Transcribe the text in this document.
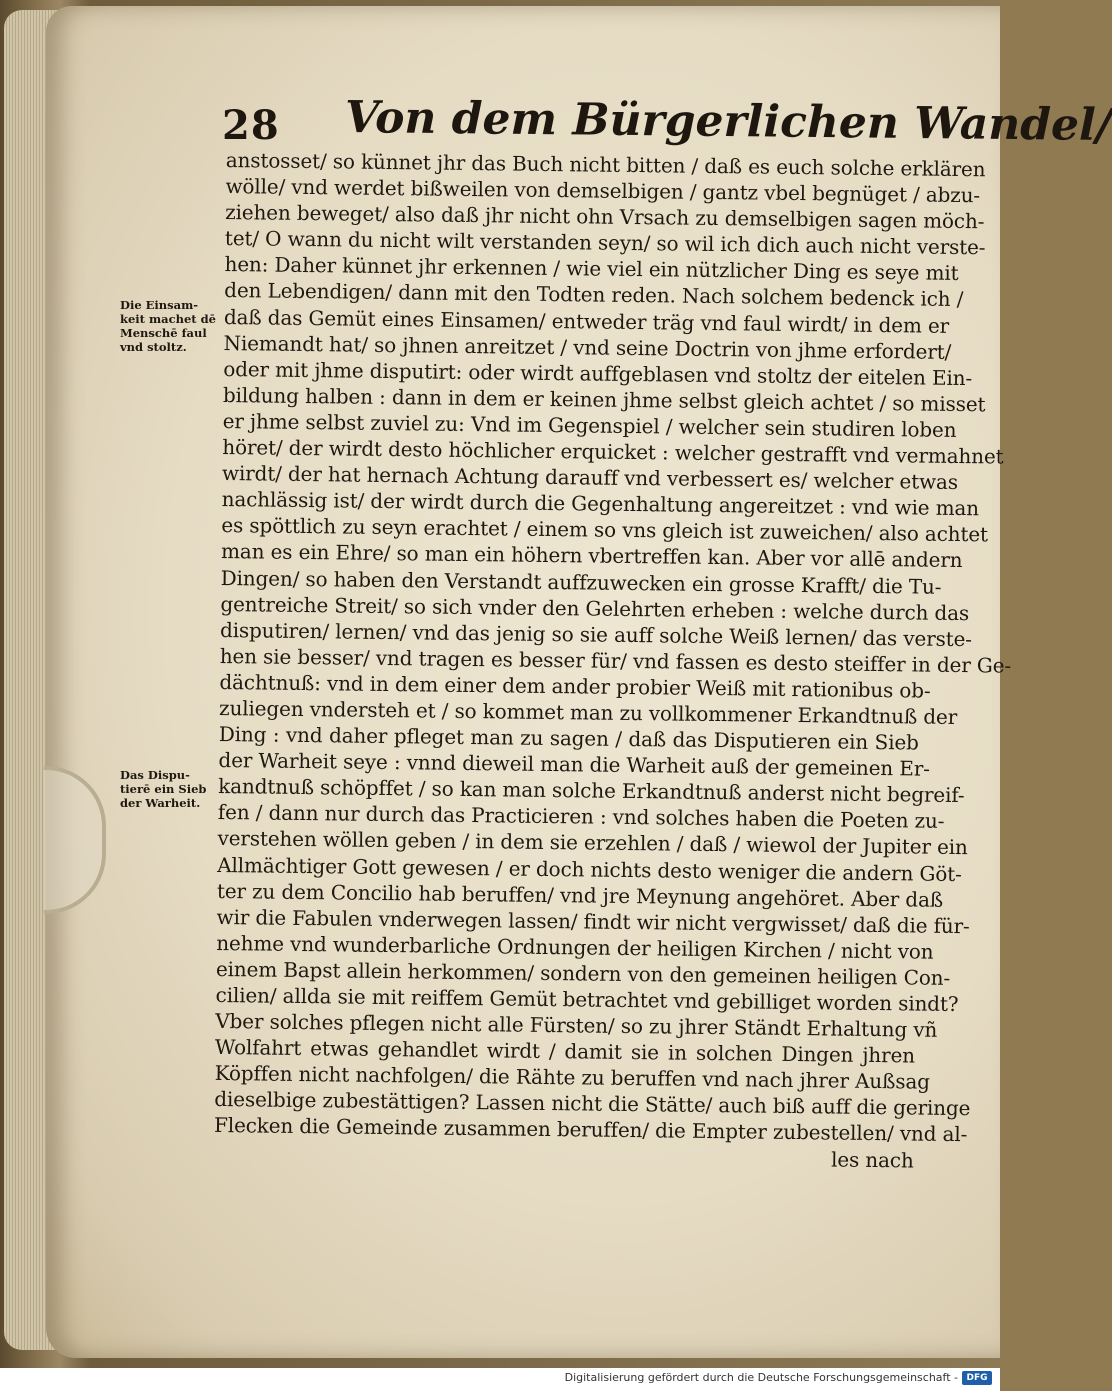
28 Von dem Bürgerlichen Wandel/
Die Einsam-
keit machet dē
Menschē faul
vnd stoltz.
Das Dispu-
tierē ein Sieb
der Warheit.
anstosset/ so künnet jhr das Buch nicht bitten / daß es euch solche erklären
wölle/ vnd werdet bißweilen von demselbigen / gantz vbel begnüget / abzu-
ziehen beweget/ also daß jhr nicht ohn Vrsach zu demselbigen sagen möch-
tet/ O wann du nicht wilt verstanden seyn/ so wil ich dich auch nicht verste-
hen: Daher künnet jhr erkennen / wie viel ein nützlicher Ding es seye mit
den Lebendigen/ dann mit den Todten reden. Nach solchem bedenck ich /
daß das Gemüt eines Einsamen/ entweder träg vnd faul wirdt/ in dem er
Niemandt hat/ so jhnen anreitzet / vnd seine Doctrin von jhme erfordert/
oder mit jhme disputirt: oder wirdt auffgeblasen vnd stoltz der eitelen Ein-
bildung halben : dann in dem er keinen jhme selbst gleich achtet / so misset
er jhme selbst zuviel zu: Vnd im Gegenspiel / welcher sein studiren loben
höret/ der wirdt desto höchlicher erquicket : welcher gestrafft vnd vermahnet
wirdt/ der hat hernach Achtung darauff vnd verbessert es/ welcher etwas
nachlässig ist/ der wirdt durch die Gegenhaltung angereitzet : vnd wie man
es spöttlich zu seyn erachtet / einem so vns gleich ist zuweichen/ also achtet
man es ein Ehre/ so man ein höhern vbertreffen kan. Aber vor allē andern
Dingen/ so haben den Verstandt auffzuwecken ein grosse Krafft/ die Tu-
gentreiche Streit/ so sich vnder den Gelehrten erheben : welche durch das
disputiren/ lernen/ vnd das jenig so sie auff solche Weiß lernen/ das verste-
hen sie besser/ vnd tragen es besser für/ vnd fassen es desto steiffer in der Ge-
dächtnuß: vnd in dem einer dem ander probier Weiß mit rationibus ob-
zuliegen vndersteh et / so kommet man zu vollkommener Erkandtnuß der
Ding : vnd daher pfleget man zu sagen / daß das Disputieren ein Sieb
der Warheit seye : vnnd dieweil man die Warheit auß der gemeinen Er-
kandtnuß schöpffet / so kan man solche Erkandtnuß anderst nicht begreif-
fen / dann nur durch das Practicieren : vnd solches haben die Poeten zu-
verstehen wöllen geben / in dem sie erzehlen / daß / wiewol der Jupiter ein
Allmächtiger Gott gewesen / er doch nichts desto weniger die andern Göt-
ter zu dem Concilio hab beruffen/ vnd jre Meynung angehöret. Aber daß
wir die Fabulen vnderwegen lassen/ findt wir nicht vergwisset/ daß die für-
nehme vnd wunderbarliche Ordnungen der heiligen Kirchen / nicht von
einem Bapst allein herkommen/ sondern von den gemeinen heiligen Con-
cilien/ allda sie mit reiffem Gemüt betrachtet vnd gebilliget worden sindt?
Vber solches pflegen nicht alle Fürsten/ so zu jhrer Ständt Erhaltung vñ
Wolfahrt etwas gehandlet wirdt / damit sie in solchen Dingen jhren
Köpffen nicht nachfolgen/ die Rähte zu beruffen vnd nach jhrer Außsag
dieselbige zubestättigen? Lassen nicht die Stätte/ auch biß auff die geringe
Flecken die Gemeinde zusammen beruffen/ die Empter zubestellen/ vnd al-
les nach
Digitalisierung gefördert durch die Deutsche Forschungsgemeinschaft - DFG
